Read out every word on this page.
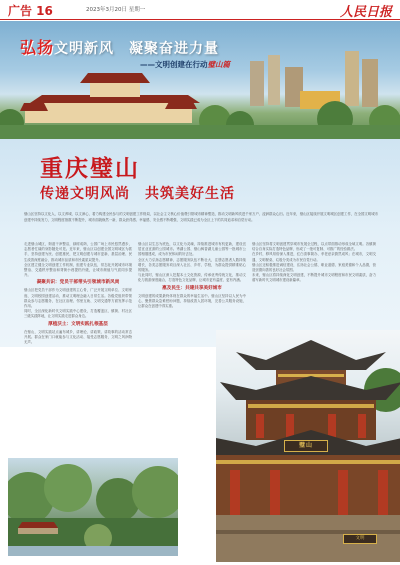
广告 16	2023年3月20日 星期一	人民日报
弘扬文明新风　凝聚奋进力量
——文明创建在行动璧山篇
重庆璧山
传递文明风尚　共筑美好生活
璧山区坚持以文化人、以文养城、以文润心，着力构建全民参与的文明创建工作格局，以社会主义核心价值观引领城市精神塑造，推动文明新风吹进千家万户、浸润群众心田。近年来，璧山区接续开展文明城区创建工作，在全国文明城市创建中持续发力，文明程度指数不断提升，城市面貌焕然一新，群众获得感、幸福感、安全感不断增强，文明实践已成为全区上下的共同追求和自觉行动。

走进璧山城区，街道干净整洁，绿树成荫，公园广场上市民悠然漫步，志愿者忙碌的身影随处可见。近年来，璧山区以创建全国文明城区为抓手，坚持创建为民、创建惠民，把文明创建与城市更新、基层治理、民生改善深度融合，推动城市品质和市民素质双提升。

全区建立健全文明创建工作机制，组建专业队伍，常态化开展城市环境整治、交通秩序整治和背街小巷提档升级，让城市颜值与气质同步提升。

凝聚共识：党员干部带头引领城市新风尚

璧山区把党员干部作为文明创建的主心骨，广泛开展文明单位、文明家庭、文明校园创建活动，推动文明理念融入日常生活。各级党组织带领群众参与志愿服务，在社区治理、邻里互助、文明交通等方面发挥示范作用。

同时，全区深化新时代文明实践中心建设，打造覆盖区、镇街、村社区三级实践阵地，让文明实践走进群众身边。

厚植沃土：文明实践扎根基层

在璧山，文明实践站点遍布城乡，讲理论、讲政策、讲故事的活动常态开展。群众在家门口就能参与文化活动、接受志愿服务，文明之风润物无声。

璧山区以生态为底色，以文化为灵魂，持续推进城市有机更新，建设宜居宜业宜游的公园城市。秀湖公园、璧山枫香湖儿童公园等一批城市公园相继建成，成为市民休闲的好去处。

全区大力弘扬志愿精神，志愿服务队伍不断壮大，注册志愿者人数持续增长，各类志愿服务项目深入社区、乡村、学校，为群众提供精准贴心的服务。

与此同时，璧山区深入挖掘本土文化资源，传承优秀传统文化，推动文化与旅游深度融合，打造特色文化品牌，让城市更有温度、更有内涵。

惠及民生：共建共享美好城市

文明创建的成果最终体现在群众的幸福生活中。璧山区坚持以人民为中心，聚焦群众急难愁盼问题，持续改善人居环境，完善公共服务设施，让群众在创建中得实惠。

璧山区坚持将文明创建贯穿城市发展全过程，以点带面推动形成全域文明。各镇街结合自身实际打造特色品牌，形成了一批可复制、可推广的经验做法。

在乡村，移风易俗深入推进，红白喜事简办、孝老爱亲蔚然成风；在城市，文明交通、文明餐桌、垃圾分类成为市民自觉行动。

璧山区还积极推进诚信建设，弘扬社会公德、职业道德、家庭美德和个人品德，营造崇德向善的良好社会氛围。

未来，璧山区将持续深化文明创建，不断提升城市文明程度和市民文明素质，奋力谱写新时代文明城市建设新篇章。

璧山
文明
